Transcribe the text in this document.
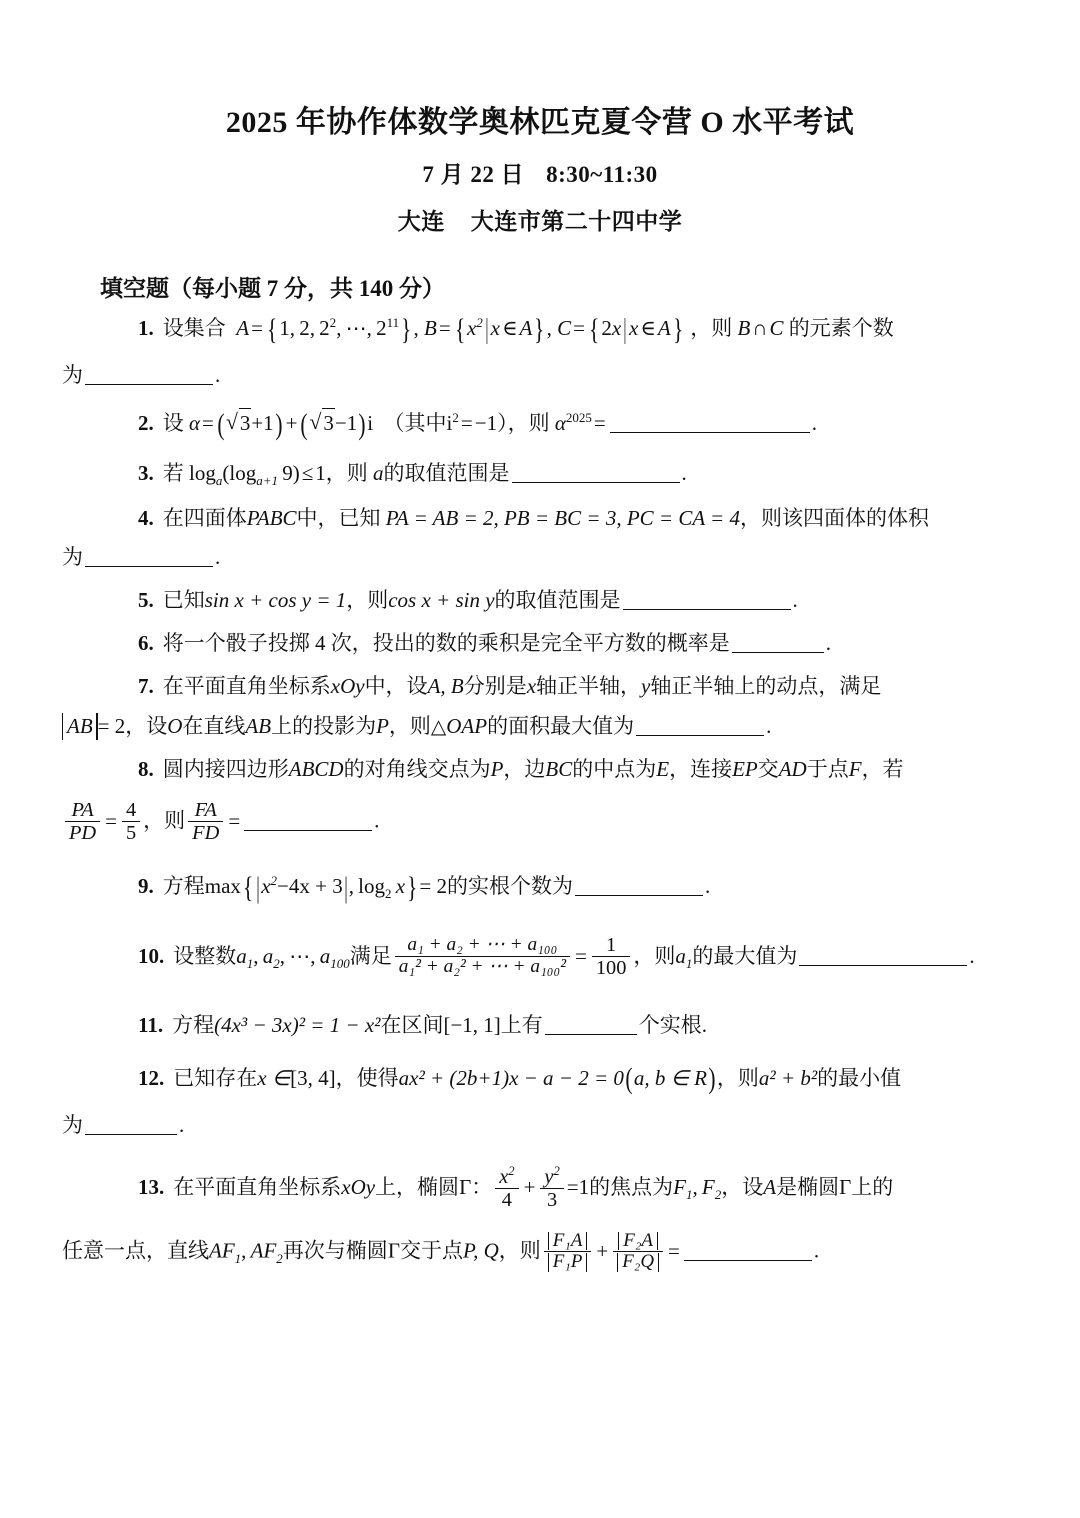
2025 年协作体数学奥林匹克夏令营 O 水平考试
7 月 22 日 8:30~11:30
大连 大连市第二十四中学
填空题（每小题 7 分，共 140 分）
1. 设集合 A= {1,  2,  $2^2$, ⋯,  $2^{11}$}, $B= \{x^2|$ x∈A}, C= {2x| x∈A} ，则 B∩C 的元素个数
为	.
2. 设 α= ( √ 3+1) + ( √ 3−1)i （其中$i^2=-1$），则 $\alpha^{2025}=$	.
3. 若 $\log_a(\log_{a+1}$  9)≤1，则 a的取值范围是	.
4. 在四面体PABC中，已知 PA = AB = 2, PB = BC = 3, PC = CA = 4，则该四面体的体积
为	.
5. 已知sin x + cos y = 1，则cos x + sin y的取值范围是	.
6. 将一个骰子投掷 4 次，投出的数的乘积是完全平方数的概率是	.
7. 在平面直角坐标系xOy中，设A, B分别是x轴正半轴，y轴正半轴上的动点，满足
AB = 2，设O在直线AB上的投影为P，则△OAP的面积最大值为	.
8. 圆内接四边形ABCD的对角线交点为P，边BC的中点为E，连接EP交AD于点F，若
$\frac{PA}{PD} = \frac{4}{5}$ ，则 $\frac{FA}{FD}$ =	.
9. 方程max{ $|x^2-4x + 3|$, $\log_2 x\}= 2$的实根个数为	.
10. 设整数$a_1$, $a_2$, ⋯,  $a_{100}$满足 $\frac{\text{a₁ + a₂ + ⋯ + a₁₀₀}}{\text{a₁² + a₂² + ⋯ + a₁₀₀²}} = \frac{1}{100}$ ，则$a_1$的最大值为	.
11. 方程(4x³ − 3x)² = 1 − x²在区间[−1, 1]上有	个实根.
12. 已知存在x ∈[3, 4]，使得ax² + (2b+1)x − a − 2 = 0(a, b ∈ R)，则a² + b²的最小值
为	.
13. 在平面直角坐标系xOy上，椭圆Γ： $\frac{x^2}{4} + \frac{y^2}{3} =1$的焦点为$F_1$, $F_2$，设A是椭圆Γ上的
任意一点，直线$AF_1$, $AF_2$再次与椭圆Γ交于点P, Q，则 $\frac{\text{F₁A}}{\text{F₁P}} + \frac{\text{F₂A}}{\text{F₂Q}}$ =	.
